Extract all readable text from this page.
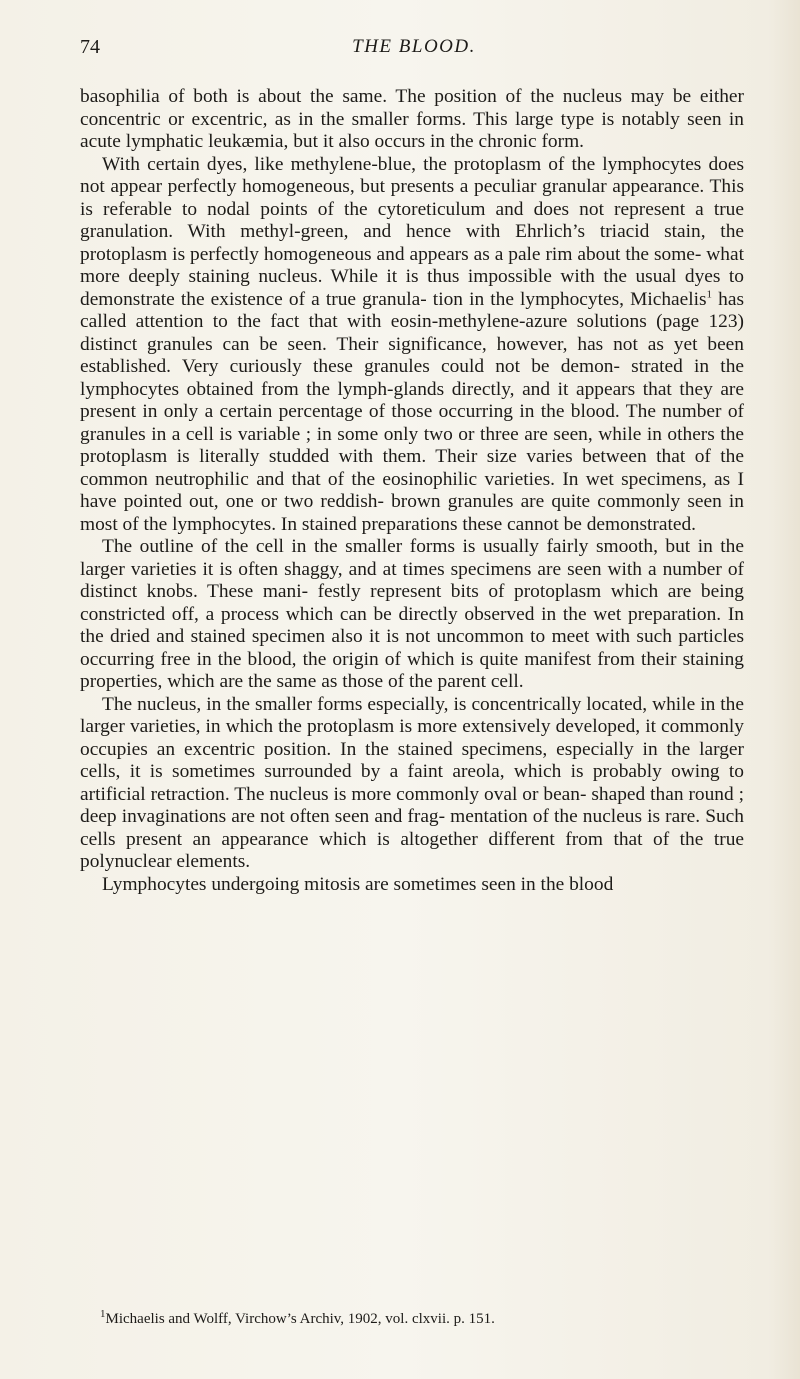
74	THE BLOOD.

basophilia of both is about the same. The position of the nucleus may be either concentric or excentric, as in the smaller forms. This large type is notably seen in acute lymphatic leukæmia, but it also occurs in the chronic form.

With certain dyes, like methylene-blue, the protoplasm of the lymphocytes does not appear perfectly homogeneous, but presents a peculiar granular appearance. This is referable to nodal points of the cytoreticulum and does not represent a true granulation. With methyl-green, and hence with Ehrlich’s triacid stain, the protoplasm is perfectly homogeneous and appears as a pale rim about the some- what more deeply staining nucleus. While it is thus impossible with the usual dyes to demonstrate the existence of a true granula- tion in the lymphocytes, Michaelis$^1$ has called attention to the fact that with eosin-methylene-azure solutions (page 123) distinct granules can be seen. Their significance, however, has not as yet been established. Very curiously these granules could not be demon- strated in the lymphocytes obtained from the lymph-glands directly, and it appears that they are present in only a certain percentage of those occurring in the blood. The number of granules in a cell is variable ; in some only two or three are seen, while in others the protoplasm is literally studded with them. Their size varies between that of the common neutrophilic and that of the eosinophilic varieties. In wet specimens, as I have pointed out, one or two reddish- brown granules are quite commonly seen in most of the lymphocytes. In stained preparations these cannot be demonstrated.

The outline of the cell in the smaller forms is usually fairly smooth, but in the larger varieties it is often shaggy, and at times specimens are seen with a number of distinct knobs. These mani- festly represent bits of protoplasm which are being constricted off, a process which can be directly observed in the wet preparation. In the dried and stained specimen also it is not uncommon to meet with such particles occurring free in the blood, the origin of which is quite manifest from their staining properties, which are the same as those of the parent cell.

The nucleus, in the smaller forms especially, is concentrically located, while in the larger varieties, in which the protoplasm is more extensively developed, it commonly occupies an excentric position. In the stained specimens, especially in the larger cells, it is sometimes surrounded by a faint areola, which is probably owing to artificial retraction. The nucleus is more commonly oval or bean- shaped than round ; deep invaginations are not often seen and frag- mentation of the nucleus is rare. Such cells present an appearance which is altogether different from that of the true polynuclear elements.

Lymphocytes undergoing mitosis are sometimes seen in the blood

$^1$Michaelis and Wolff, Virchow’s Archiv, 1902, vol. clxvii. p. 151.
